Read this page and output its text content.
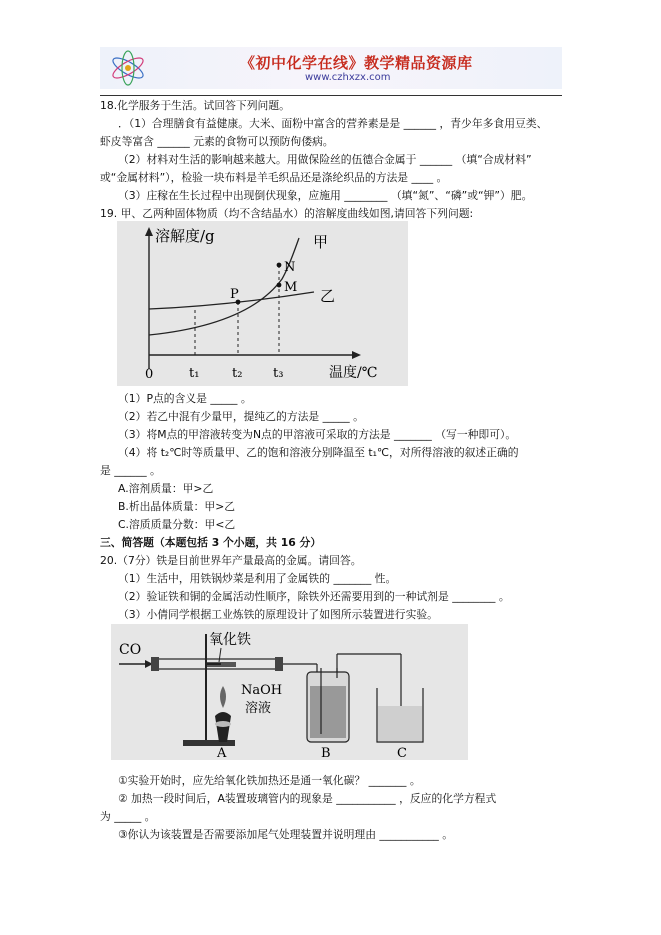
《初中化学在线》教学精品资源库
www.czhxzx.com
18.化学服务于生活。试回答下列问题。
．（1）合理膳食有益健康。大米、面粉中富含的营养素是是 ______ ，青少年多食用豆类、
虾皮等富含 ______ 元素的食物可以预防佝偻病。
（2）材料对生活的影响越来越大。用做保险丝的伍德合金属于 ______ （填“合成材料”
或“金属材料”），检验一块布料是羊毛织品还是涤纶织品的方法是 ____ 。
（3）庄稼在生长过程中出现倒伏现象，应施用 ________ （填“氮”、“磷”或“钾”）肥。
19. 甲、乙两种固体物质（均不含结晶水）的溶解度曲线如图,请回答下列问题:
溶解度/g
温度/℃
0
甲
乙
P
N
M
t₁	t₂ t₃
（1）P点的含义是 _____ 。
（2）若乙中混有少量甲，提纯乙的方法是 _____ 。
（3）将M点的甲溶液转变为N点的甲溶液可采取的方法是 _______ （写一种即可）。
（4）将 t₂℃时等质量甲、乙的饱和溶液分别降温至 t₁℃，对所得溶液的叙述正确的
是 ______ 。
A.溶剂质量：甲>乙
B.析出晶体质量：甲>乙
C.溶质质量分数：甲<乙
三、简答题（本题包括 3 个小题，共 16 分）
20.（7分）铁是目前世界年产量最高的金属。请回答。
（1）生活中，用铁锅炒菜是利用了金属铁的 _______ 性。
（2）验证铁和铜的金属活动性顺序，除铁外还需要用到的一种试剂是 ________ 。
（3）小倩同学根据工业炼铁的原理设计了如图所示装置进行实验。
CO
氧化铁
A
NaOH
溶液
B	C
①实验开始时，应先给氧化铁加热还是通一氧化碳？ _______ 。
② 加热一段时间后，A装置玻璃管内的现象是 ___________ ，反应的化学方程式
为 _____ 。
③你认为该装置是否需要添加尾气处理装置并说明理由 ___________ 。
